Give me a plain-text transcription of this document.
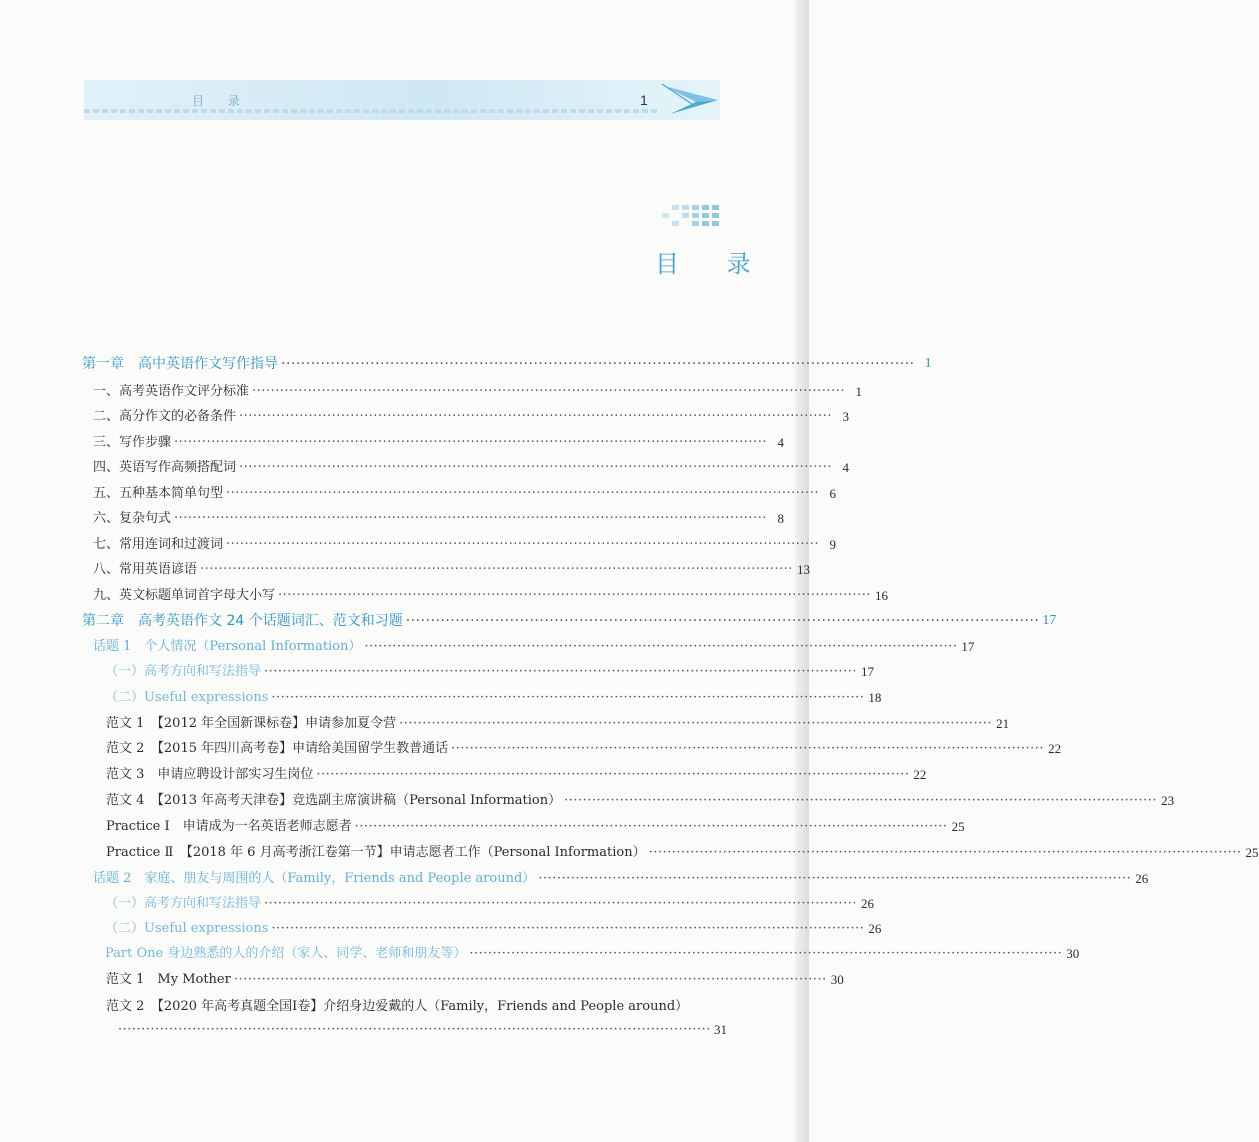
目 录	1
目 录
第一章　高中英语作文写作指导 ································································································································ 1
一、高考英语作文评分标准 ································································································································ 1
二、高分作文的必备条件 ································································································································ 3
三、写作步骤 ································································································································ 4
四、英语写作高频搭配词 ································································································································ 4
五、五种基本简单句型 ································································································································ 6
六、复杂句式 ································································································································ 8
七、常用连词和过渡词 ································································································································ 9
八、常用英语谚语 ································································································································ 13
九、英文标题单词首字母大小写 ································································································································ 16
第二章　高考英语作文 24 个话题词汇、范文和习题 ································································································································ 17
话题 1　个人情况（Personal Information） ································································································································ 17
（一）高考方向和写法指导 ································································································································ 17
（二）Useful expressions ································································································································ 18
范文 1　【2012 年全国新课标卷】申请参加夏令营 ································································································································ 21
范文 2　【2015 年四川高考卷】申请给美国留学生教普通话 ································································································································ 22
范文 3　申请应聘设计部实习生岗位 ································································································································ 22
范文 4　【2013 年高考天津卷】竞选副主席演讲稿（Personal Information） ································································································································ 23
Practice Ⅰ　申请成为一名英语老师志愿者 ································································································································ 25
Practice Ⅱ　【2018 年 6 月高考浙江卷第一节】申请志愿者工作（Personal Information） ································································································································ 25
话题 2　家庭、朋友与周围的人（Family，Friends and People around） ································································································································ 26
（一）高考方向和写法指导 ································································································································ 26
（二）Useful expressions ································································································································ 26
Part One 身边熟悉的人的介绍（家人、同学、老师和朋友等） ································································································································ 30
范文 1　My Mother ································································································································ 30
范文 2　【2020 年高考真题全国Ⅰ卷】介绍身边爱戴的人（Family，Friends and People around）
································································································································ 31
